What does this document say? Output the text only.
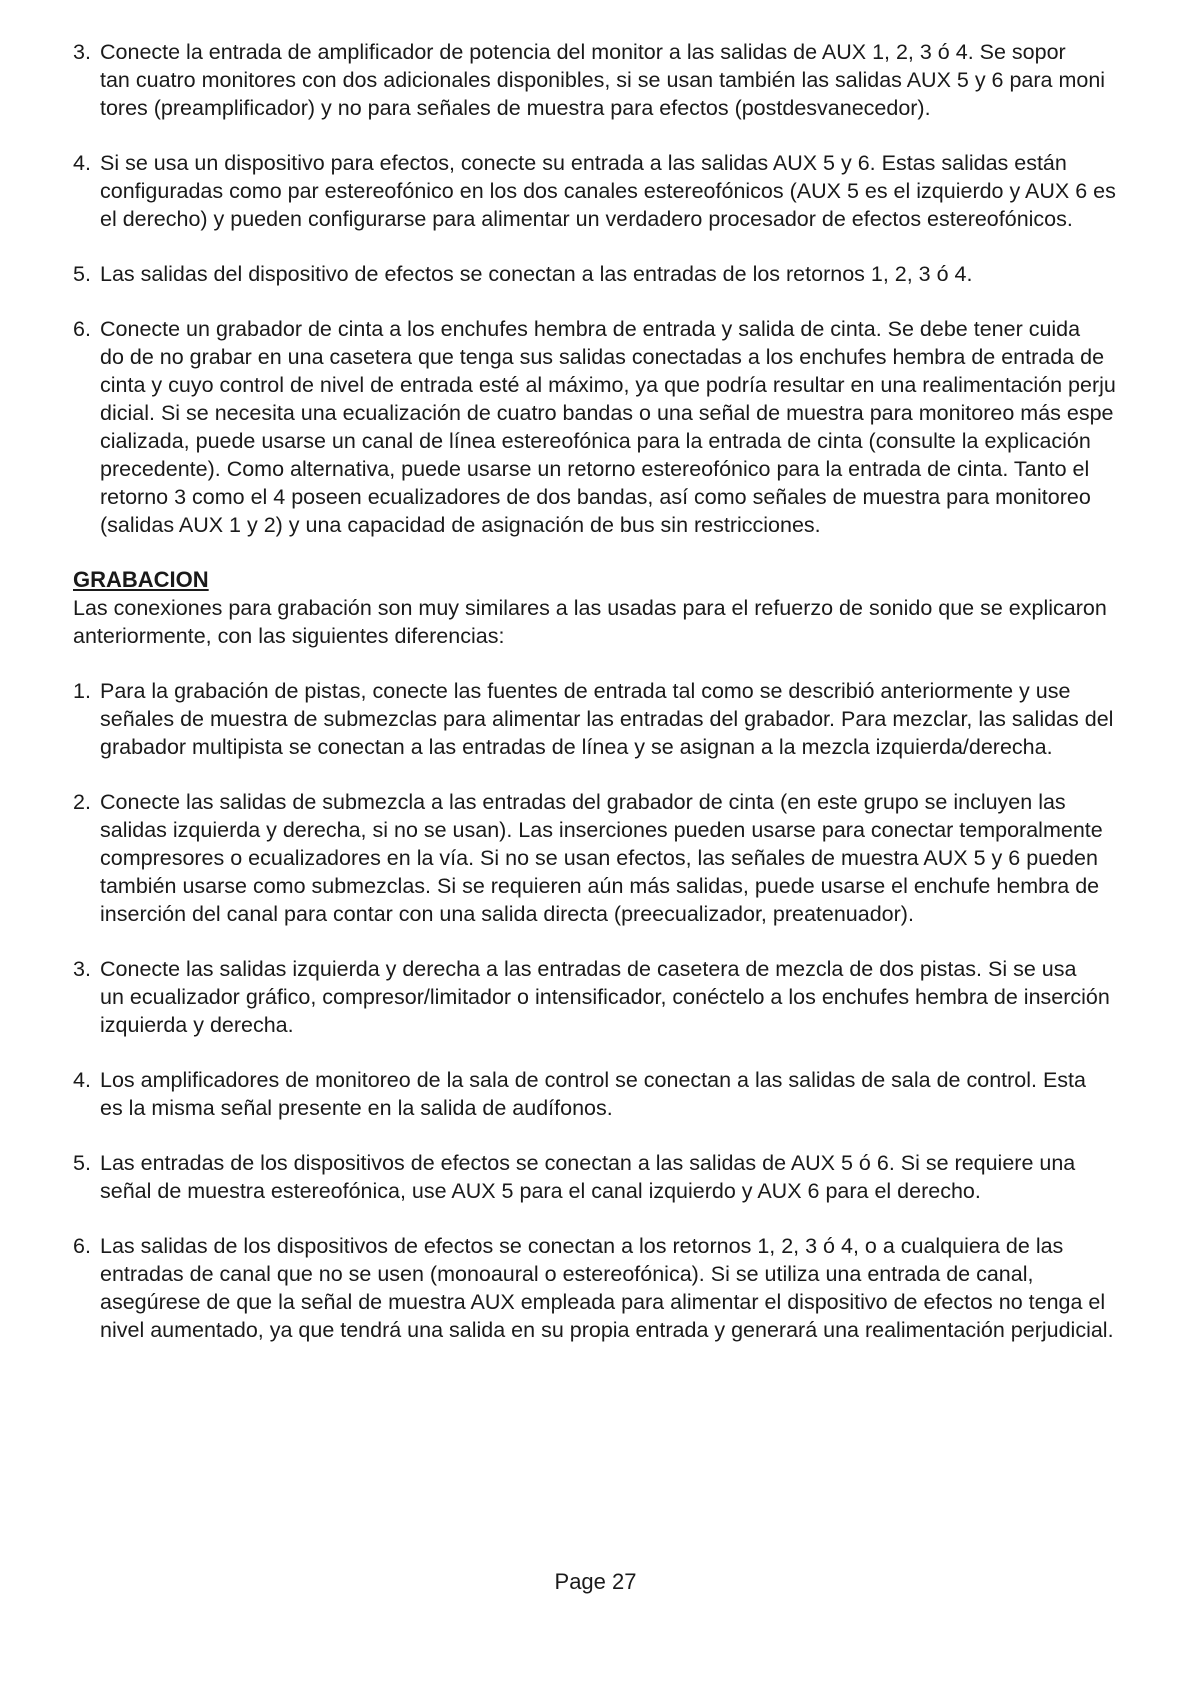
3. Conecte la entrada de amplificador de potencia del monitor a las salidas de AUX 1, 2, 3 ó 4. Se sopor
tan cuatro monitores con dos adicionales disponibles, si se usan también las salidas AUX 5 y 6 para moni
tores (preamplificador) y no para señales de muestra para efectos (postdesvanecedor).
4. Si se usa un dispositivo para efectos, conecte su entrada a las salidas AUX 5 y 6. Estas salidas están
configuradas como par estereofónico en los dos canales estereofónicos (AUX 5 es el izquierdo y AUX 6 es
el derecho) y pueden configurarse para alimentar un verdadero procesador de efectos estereofónicos.
5. Las salidas del dispositivo de efectos se conectan a las entradas de los retornos 1, 2, 3 ó 4.
6. Conecte un grabador de cinta a los enchufes hembra de entrada y salida de cinta. Se debe tener cuida
do de no grabar en una casetera que tenga sus salidas conectadas a los enchufes hembra de entrada de
cinta y cuyo control de nivel de entrada esté al máximo, ya que podría resultar en una realimentación perju
dicial. Si se necesita una ecualización de cuatro bandas o una señal de muestra para monitoreo más espe
cializada, puede usarse un canal de línea estereofónica para la entrada de cinta (consulte la explicación
precedente). Como alternativa, puede usarse un retorno estereofónico para la entrada de cinta. Tanto el
retorno 3 como el 4 poseen ecualizadores de dos bandas, así como señales de muestra para monitoreo
(salidas AUX 1 y 2) y una capacidad de asignación de bus sin restricciones.
GRABACION
Las conexiones para grabación son muy similares a las usadas para el refuerzo de sonido que se explicaron
anteriormente, con las siguientes diferencias:
1. Para la grabación de pistas, conecte las fuentes de entrada tal como se describió anteriormente y use
señales de muestra de submezclas para alimentar las entradas del grabador. Para mezclar, las salidas del
grabador multipista se conectan a las entradas de línea y se asignan a la mezcla izquierda/derecha.
2. Conecte las salidas de submezcla a las entradas del grabador de cinta (en este grupo se incluyen las
salidas izquierda y derecha, si no se usan). Las inserciones pueden usarse para conectar temporalmente
compresores o ecualizadores en la vía. Si no se usan efectos, las señales de muestra AUX 5 y 6 pueden
también usarse como submezclas. Si se requieren aún más salidas, puede usarse el enchufe hembra de
inserción del canal para contar con una salida directa (preecualizador, preatenuador).
3. Conecte las salidas izquierda y derecha a las entradas de casetera de mezcla de dos pistas. Si se usa
un ecualizador gráfico, compresor/limitador o intensificador, conéctelo a los enchufes hembra de inserción
izquierda y derecha.
4. Los amplificadores de monitoreo de la sala de control se conectan a las salidas de sala de control. Esta
es la misma señal presente en la salida de audífonos.
5. Las entradas de los dispositivos de efectos se conectan a las salidas de AUX 5 ó 6. Si se requiere una
señal de muestra estereofónica, use AUX 5 para el canal izquierdo y AUX 6 para el derecho.
6. Las salidas de los dispositivos de efectos se conectan a los retornos 1, 2, 3 ó 4, o a cualquiera de las
entradas de canal que no se usen (monoaural o estereofónica). Si se utiliza una entrada de canal,
asegúrese de que la señal de muestra AUX empleada para alimentar el dispositivo de efectos no tenga el
nivel aumentado, ya que tendrá una salida en su propia entrada y generará una realimentación perjudicial.
Page 27
